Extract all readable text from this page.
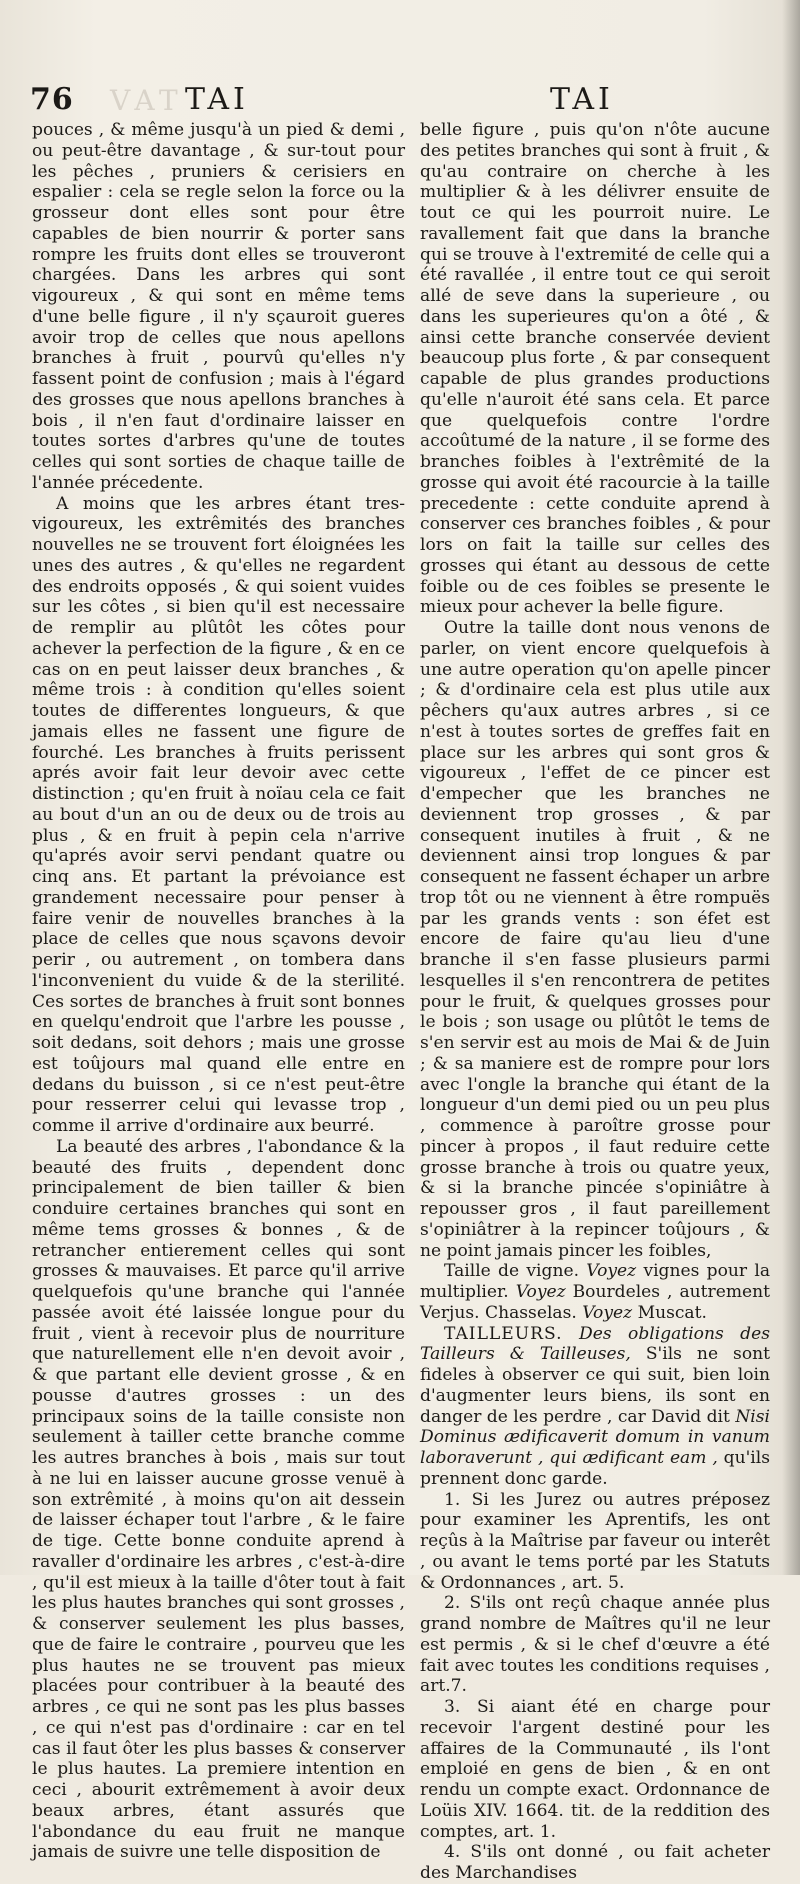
76 VAT TAI	TAI

pouces , & même jusqu'à un pied & demi , ou peut-être davantage , & sur-tout pour les pêches , pruniers & cerisiers en espalier : cela se regle selon la force ou la grosseur dont elles sont pour être capables de bien nourrir & porter sans rompre les fruits dont elles se trouveront chargées. Dans les arbres qui sont vigoureux , & qui sont en même tems d'une belle figure , il n'y sçauroit gueres avoir trop de celles que nous apellons branches à fruit , pourvû qu'elles n'y fassent point de confusion ; mais à l'égard des grosses que nous apellons branches à bois , il n'en faut d'ordinaire laisser en toutes sortes d'arbres qu'une de toutes celles qui sont sorties de chaque taille de l'année précedente.

A moins que les arbres étant tres-vigoureux, les extrêmités des branches nouvelles ne se trouvent fort éloignées les unes des autres , & qu'elles ne regardent des endroits opposés , & qui soient vuides sur les côtes , si bien qu'il est necessaire de remplir au plûtôt les côtes pour achever la perfection de la figure , & en ce cas on en peut laisser deux branches , & même trois : à condition qu'elles soient toutes de differentes longueurs, & que jamais elles ne fassent une figure de fourché. Les branches à fruits perissent aprés avoir fait leur devoir avec cette distinction ; qu'en fruit à noïau cela ce fait au bout d'un an ou de deux ou de trois au plus , & en fruit à pepin cela n'arrive qu'aprés avoir servi pendant quatre ou cinq ans. Et partant la prévoiance est grandement necessaire pour penser à faire venir de nouvelles branches à la place de celles que nous sçavons devoir perir , ou autrement , on tombera dans l'inconvenient du vuide & de la sterilité. Ces sortes de branches à fruit sont bonnes en quelqu'endroit que l'arbre les pousse , soit dedans, soit dehors ; mais une grosse est toûjours mal quand elle entre en dedans du buisson , si ce n'est peut-être pour resserrer celui qui levasse trop , comme il arrive d'ordinaire aux beurré.

La beauté des arbres , l'abondance & la beauté des fruits , dependent donc principalement de bien tailler & bien conduire certaines branches qui sont en même tems grosses & bonnes , & de retrancher entierement celles qui sont grosses & mauvaises. Et parce qu'il arrive quelquefois qu'une branche qui l'année passée avoit été laissée longue pour du fruit , vient à recevoir plus de nourriture que naturellement elle n'en devoit avoir , & que partant elle devient grosse , & en pousse d'autres grosses : un des principaux soins de la taille consiste non seulement à tailler cette branche comme les autres branches à bois , mais sur tout à ne lui en laisser aucune grosse venuë à son extrêmité , à moins qu'on ait dessein de laisser échaper tout l'arbre , & le faire de tige. Cette bonne conduite aprend à ravaller d'ordinaire les arbres , c'est-à-dire , qu'il est mieux à la taille d'ôter tout à fait les plus hautes branches qui sont grosses , & conserver seulement les plus basses, que de faire le contraire , pourveu que les plus hautes ne se trouvent pas mieux placées pour contribuer à la beauté des arbres , ce qui ne sont pas les plus basses , ce qui n'est pas d'ordinaire : car en tel cas il faut ôter les plus basses & conserver le plus hautes. La premiere intention en ceci , abourit extrêmement à avoir deux beaux arbres, étant assurés que l'abondance du eau fruit ne manque jamais de suivre une telle disposition de

belle figure , puis qu'on n'ôte aucune des petites branches qui sont à fruit , & qu'au contraire on cherche à les multiplier & à les délivrer ensuite de tout ce qui les pourroit nuire. Le ravallement fait que dans la branche qui se trouve à l'extremité de celle qui a été ravallée , il entre tout ce qui seroit allé de seve dans la superieure , ou dans les superieures qu'on a ôté , & ainsi cette branche conservée devient beaucoup plus forte , & par consequent capable de plus grandes productions qu'elle n'auroit été sans cela. Et parce que quelquefois contre l'ordre accoûtumé de la nature , il se forme des branches foibles à l'extrêmité de la grosse qui avoit été racourcie à la taille precedente : cette conduite aprend à conserver ces branches foibles , & pour lors on fait la taille sur celles des grosses qui étant au dessous de cette foible ou de ces foibles se presente le mieux pour achever la belle figure.

Outre la taille dont nous venons de parler, on vient encore quelquefois à une autre operation qu'on apelle pincer ; & d'ordinaire cela est plus utile aux pêchers qu'aux autres arbres , si ce n'est à toutes sortes de greffes fait en place sur les arbres qui sont gros & vigoureux , l'effet de ce pincer est d'empecher que les branches ne deviennent trop grosses , & par consequent inutiles à fruit , & ne deviennent ainsi trop longues & par consequent ne fassent échaper un arbre trop tôt ou ne viennent à être rompuës par les grands vents : son éfet est encore de faire qu'au lieu d'une branche il s'en fasse plusieurs parmi lesquelles il s'en rencontrera de petites pour le fruit, & quelques grosses pour le bois ; son usage ou plûtôt le tems de s'en servir est au mois de Mai & de Juin ; & sa maniere est de rompre pour lors avec l'ongle la branche qui étant de la longueur d'un demi pied ou un peu plus , commence à paroître grosse pour pincer à propos , il faut reduire cette grosse branche à trois ou quatre yeux, & si la branche pincée s'opiniâtre à repousser gros , il faut pareillement s'opiniâtrer à la repincer toûjours , & ne point jamais pincer les foibles,

Taille de vigne. Voyez vignes pour la multiplier. Voyez Bourdeles , autrement Verjus. Chasselas. Voyez Muscat.

TAILLEURS. Des obligations des Tailleurs & Tailleuses, S'ils ne sont fideles à observer ce qui suit, bien loin d'augmenter leurs biens, ils sont en danger de les perdre , car David dit Nisi Dominus ædificaverit domum in vanum laboraverunt , qui ædificant eam , qu'ils prennent donc garde.

1. Si les Jurez ou autres préposez pour examiner les Aprentifs, les ont reçûs à la Maîtrise par faveur ou interêt , ou avant le tems porté par les Statuts & Ordonnances , art. 5.

2. S'ils ont reçû chaque année plus grand nombre de Maîtres qu'il ne leur est permis , & si le chef d'œuvre a été fait avec toutes les conditions requises , art.7.

3. Si aiant été en charge pour recevoir l'argent destiné pour les affaires de la Communauté , ils l'ont emploié en gens de bien , & en ont rendu un compte exact. Ordonnance de Loüis XIV. 1664. tit. de la reddition des comptes, art. 1.

4. S'ils ont donné , ou fait acheter des Marchandises
